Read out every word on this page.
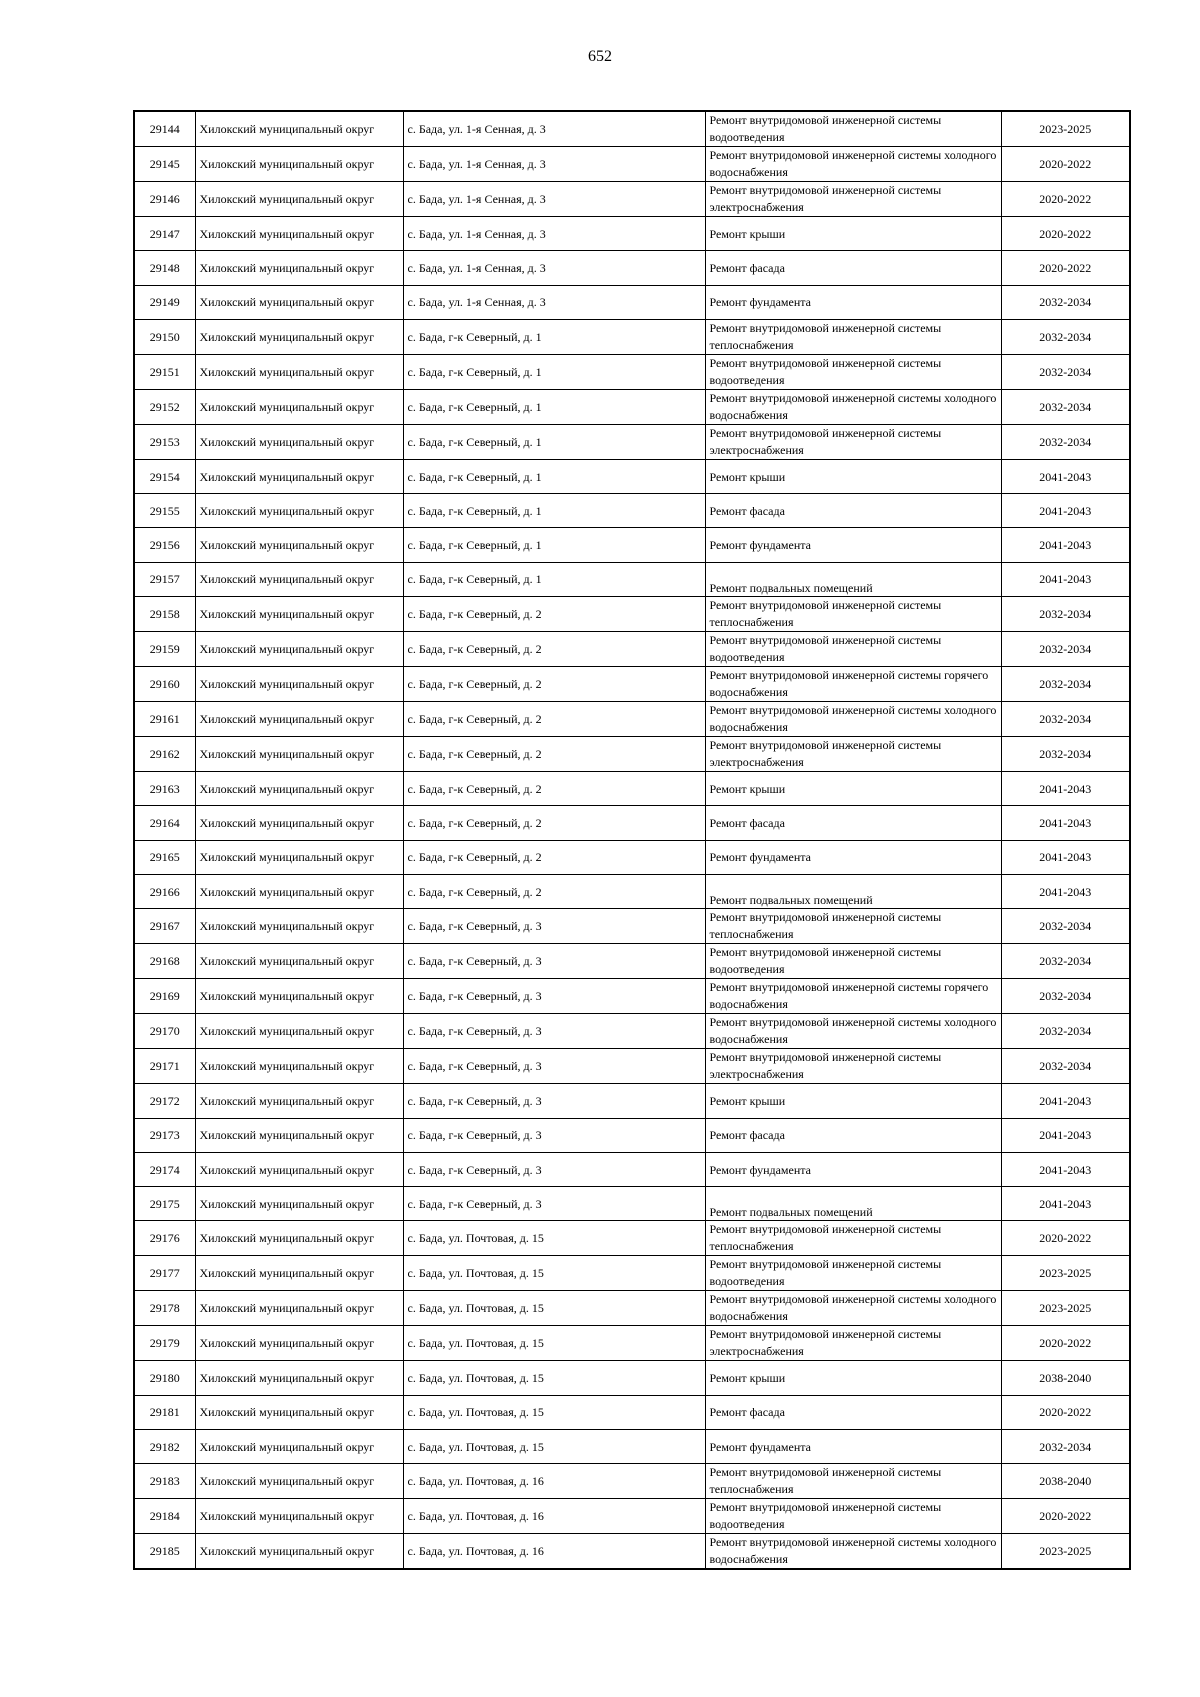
652
29144	Хилокский муниципальный округ	с. Бада, ул. 1-я Сенная, д. 3	Ремонт внутридомовой инженерной системы водоотведения	2023-2025
29145	Хилокский муниципальный округ	с. Бада, ул. 1-я Сенная, д. 3	Ремонт внутридомовой инженерной системы холодного водоснабжения	2020-2022
29146	Хилокский муниципальный округ	с. Бада, ул. 1-я Сенная, д. 3	Ремонт внутридомовой инженерной системы электроснабжения	2020-2022
29147	Хилокский муниципальный округ	с. Бада, ул. 1-я Сенная, д. 3	Ремонт крыши	2020-2022
29148	Хилокский муниципальный округ	с. Бада, ул. 1-я Сенная, д. 3	Ремонт фасада	2020-2022
29149	Хилокский муниципальный округ	с. Бада, ул. 1-я Сенная, д. 3	Ремонт фундамента	2032-2034
29150	Хилокский муниципальный округ	с. Бада, г-к Северный, д. 1	Ремонт внутридомовой инженерной системы теплоснабжения	2032-2034
29151	Хилокский муниципальный округ	с. Бада, г-к Северный, д. 1	Ремонт внутридомовой инженерной системы водоотведения	2032-2034
29152	Хилокский муниципальный округ	с. Бада, г-к Северный, д. 1	Ремонт внутридомовой инженерной системы холодного водоснабжения	2032-2034
29153	Хилокский муниципальный округ	с. Бада, г-к Северный, д. 1	Ремонт внутридомовой инженерной системы электроснабжения	2032-2034
29154	Хилокский муниципальный округ	с. Бада, г-к Северный, д. 1	Ремонт крыши	2041-2043
29155	Хилокский муниципальный округ	с. Бада, г-к Северный, д. 1	Ремонт фасада	2041-2043
29156	Хилокский муниципальный округ	с. Бада, г-к Северный, д. 1	Ремонт фундамента	2041-2043
29157	Хилокский муниципальный округ	с. Бада, г-к Северный, д. 1	Ремонт подвальных помещений	2041-2043
29158	Хилокский муниципальный округ	с. Бада, г-к Северный, д. 2	Ремонт внутридомовой инженерной системы теплоснабжения	2032-2034
29159	Хилокский муниципальный округ	с. Бада, г-к Северный, д. 2	Ремонт внутридомовой инженерной системы водоотведения	2032-2034
29160	Хилокский муниципальный округ	с. Бада, г-к Северный, д. 2	Ремонт внутридомовой инженерной системы горячего водоснабжения	2032-2034
29161	Хилокский муниципальный округ	с. Бада, г-к Северный, д. 2	Ремонт внутридомовой инженерной системы холодного водоснабжения	2032-2034
29162	Хилокский муниципальный округ	с. Бада, г-к Северный, д. 2	Ремонт внутридомовой инженерной системы электроснабжения	2032-2034
29163	Хилокский муниципальный округ	с. Бада, г-к Северный, д. 2	Ремонт крыши	2041-2043
29164	Хилокский муниципальный округ	с. Бада, г-к Северный, д. 2	Ремонт фасада	2041-2043
29165	Хилокский муниципальный округ	с. Бада, г-к Северный, д. 2	Ремонт фундамента	2041-2043
29166	Хилокский муниципальный округ	с. Бада, г-к Северный, д. 2	Ремонт подвальных помещений	2041-2043
29167	Хилокский муниципальный округ	с. Бада, г-к Северный, д. 3	Ремонт внутридомовой инженерной системы теплоснабжения	2032-2034
29168	Хилокский муниципальный округ	с. Бада, г-к Северный, д. 3	Ремонт внутридомовой инженерной системы водоотведения	2032-2034
29169	Хилокский муниципальный округ	с. Бада, г-к Северный, д. 3	Ремонт внутридомовой инженерной системы горячего водоснабжения	2032-2034
29170	Хилокский муниципальный округ	с. Бада, г-к Северный, д. 3	Ремонт внутридомовой инженерной системы холодного водоснабжения	2032-2034
29171	Хилокский муниципальный округ	с. Бада, г-к Северный, д. 3	Ремонт внутридомовой инженерной системы электроснабжения	2032-2034
29172	Хилокский муниципальный округ	с. Бада, г-к Северный, д. 3	Ремонт крыши	2041-2043
29173	Хилокский муниципальный округ	с. Бада, г-к Северный, д. 3	Ремонт фасада	2041-2043
29174	Хилокский муниципальный округ	с. Бада, г-к Северный, д. 3	Ремонт фундамента	2041-2043
29175	Хилокский муниципальный округ	с. Бада, г-к Северный, д. 3	Ремонт подвальных помещений	2041-2043
29176	Хилокский муниципальный округ	с. Бада, ул. Почтовая, д. 15	Ремонт внутридомовой инженерной системы теплоснабжения	2020-2022
29177	Хилокский муниципальный округ	с. Бада, ул. Почтовая, д. 15	Ремонт внутридомовой инженерной системы водоотведения	2023-2025
29178	Хилокский муниципальный округ	с. Бада, ул. Почтовая, д. 15	Ремонт внутридомовой инженерной системы холодного водоснабжения	2023-2025
29179	Хилокский муниципальный округ	с. Бада, ул. Почтовая, д. 15	Ремонт внутридомовой инженерной системы электроснабжения	2020-2022
29180	Хилокский муниципальный округ	с. Бада, ул. Почтовая, д. 15	Ремонт крыши	2038-2040
29181	Хилокский муниципальный округ	с. Бада, ул. Почтовая, д. 15	Ремонт фасада	2020-2022
29182	Хилокский муниципальный округ	с. Бада, ул. Почтовая, д. 15	Ремонт фундамента	2032-2034
29183	Хилокский муниципальный округ	с. Бада, ул. Почтовая, д. 16	Ремонт внутридомовой инженерной системы теплоснабжения	2038-2040
29184	Хилокский муниципальный округ	с. Бада, ул. Почтовая, д. 16	Ремонт внутридомовой инженерной системы водоотведения	2020-2022
29185	Хилокский муниципальный округ	с. Бада, ул. Почтовая, д. 16	Ремонт внутридомовой инженерной системы холодного водоснабжения	2023-2025
